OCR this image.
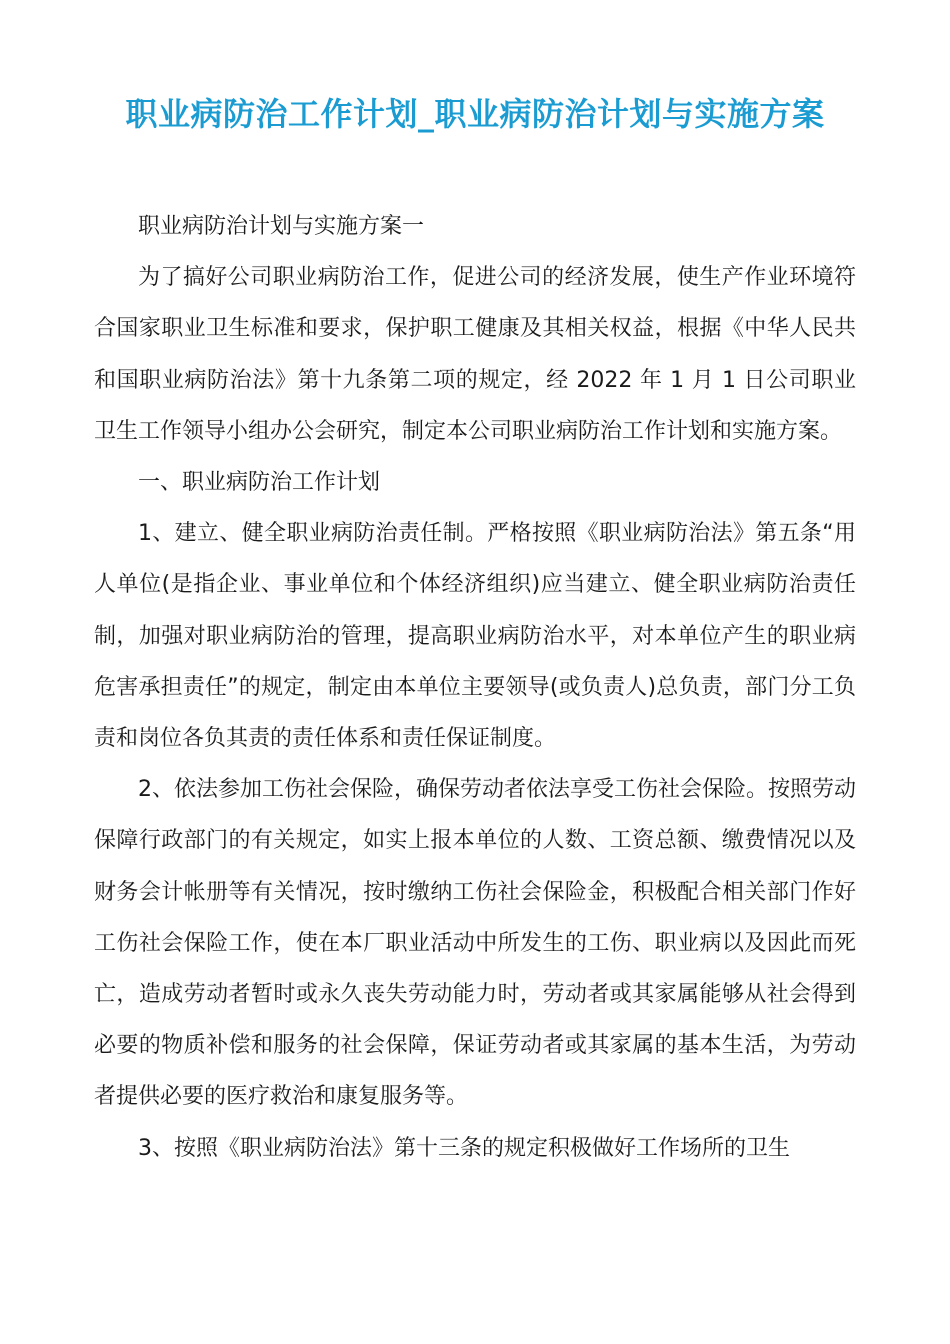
职业病防治工作计划_职业病防治计划与实施方案

职业病防治计划与实施方案一

为了搞好公司职业病防治工作，促进公司的经济发展，使生产作业环境符合国家职业卫生标准和要求，保护职工健康及其相关权益，根据《中华人民共和国职业病防治法》第十九条第二项的规定，经 2022 年 1 月 1 日公司职业卫生工作领导小组办公会研究，制定本公司职业病防治工作计划和实施方案。

一、职业病防治工作计划

1、建立、健全职业病防治责任制。严格按照《职业病防治法》第五条“用人单位(是指企业、事业单位和个体经济组织)应当建立、健全职业病防治责任制，加强对职业病防治的管理，提高职业病防治水平，对本单位产生的职业病危害承担责任”的规定，制定由本单位主要领导(或负责人)总负责，部门分工负责和岗位各负其责的责任体系和责任保证制度。

2、依法参加工伤社会保险，确保劳动者依法享受工伤社会保险。按照劳动保障行政部门的有关规定，如实上报本单位的人数、工资总额、缴费情况以及财务会计帐册等有关情况，按时缴纳工伤社会保险金，积极配合相关部门作好工伤社会保险工作，使在本厂职业活动中所发生的工伤、职业病以及因此而死亡，造成劳动者暂时或永久丧失劳动能力时，劳动者或其家属能够从社会得到必要的物质补偿和服务的社会保障，保证劳动者或其家属的基本生活，为劳动者提供必要的医疗救治和康复服务等。

3、按照《职业病防治法》第十三条的规定积极做好工作场所的卫生
